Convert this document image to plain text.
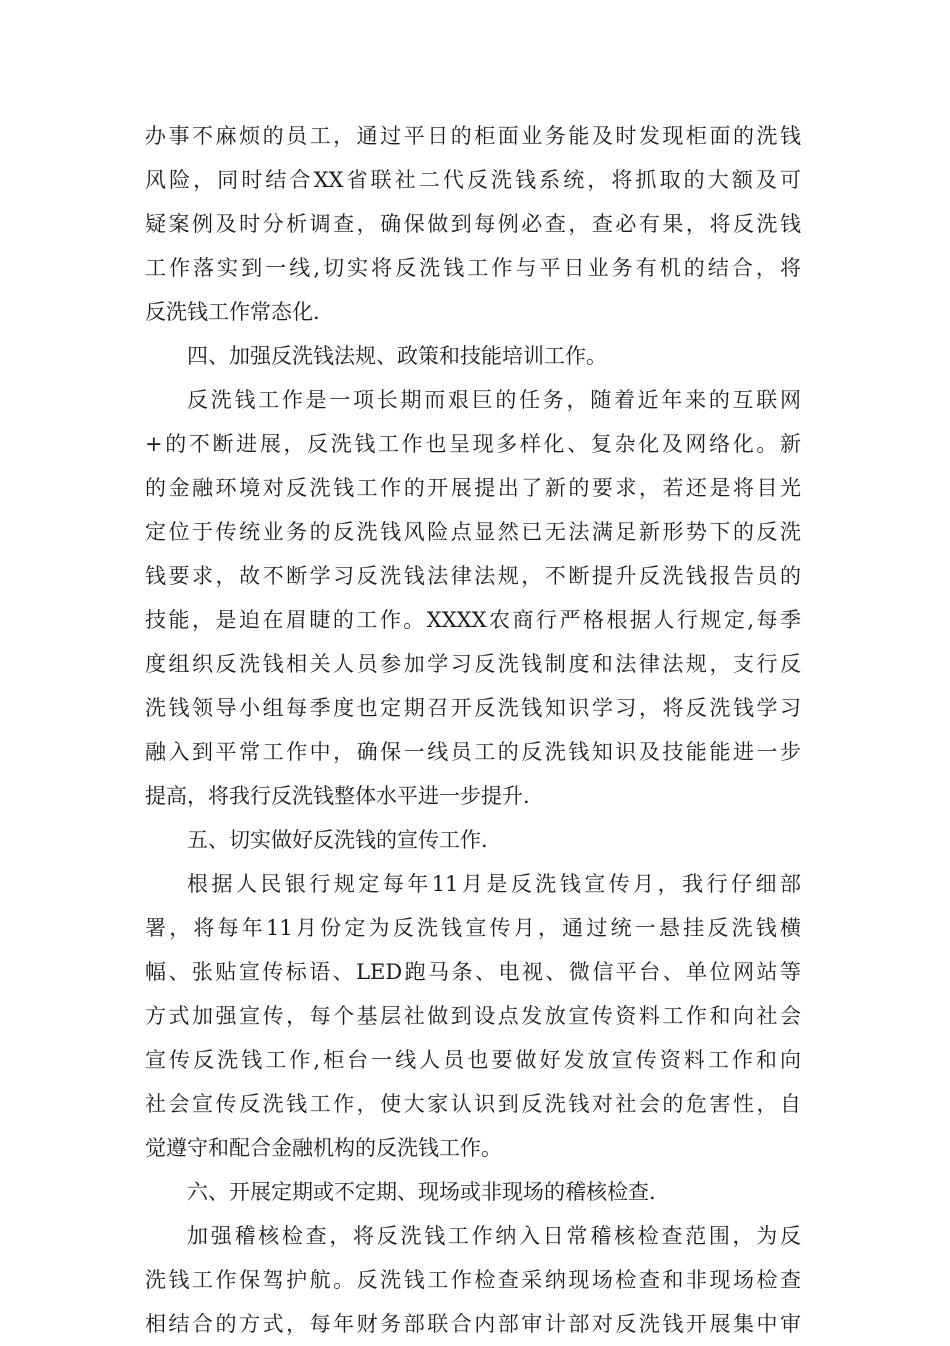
办事不麻烦的员工，通过平日的柜面业务能及时发现柜面的洗钱
风险，同时结合XX省联社二代反洗钱系统，将抓取的大额及可
疑案例及时分析调查，确保做到每例必查，查必有果，将反洗钱
工作落实到一线,切实将反洗钱工作与平日业务有机的结合，将
反洗钱工作常态化.
四、加强反洗钱法规、政策和技能培训工作。
反洗钱工作是一项长期而艰巨的任务，随着近年来的互联网
+的不断进展，反洗钱工作也呈现多样化、复杂化及网络化。新
的金融环境对反洗钱工作的开展提出了新的要求，若还是将目光
定位于传统业务的反洗钱风险点显然已无法满足新形势下的反洗
钱要求，故不断学习反洗钱法律法规，不断提升反洗钱报告员的
技能，是迫在眉睫的工作。XXXX农商行严格根据人行规定,每季
度组织反洗钱相关人员参加学习反洗钱制度和法律法规，支行反
洗钱领导小组每季度也定期召开反洗钱知识学习，将反洗钱学习
融入到平常工作中，确保一线员工的反洗钱知识及技能能进一步
提高，将我行反洗钱整体水平进一步提升.
五、切实做好反洗钱的宣传工作.
根据人民银行规定每年11月是反洗钱宣传月，我行仔细部
署，将每年11月份定为反洗钱宣传月，通过统一悬挂反洗钱横
幅、张贴宣传标语、LED跑马条、电视、微信平台、单位网站等
方式加强宣传，每个基层社做到设点发放宣传资料工作和向社会
宣传反洗钱工作,柜台一线人员也要做好发放宣传资料工作和向
社会宣传反洗钱工作，使大家认识到反洗钱对社会的危害性，自
觉遵守和配合金融机构的反洗钱工作。
六、开展定期或不定期、现场或非现场的稽核检查.
加强稽核检查，将反洗钱工作纳入日常稽核检查范围，为反
洗钱工作保驾护航。反洗钱工作检查采纳现场检查和非现场检查
相结合的方式，每年财务部联合内部审计部对反洗钱开展集中审
